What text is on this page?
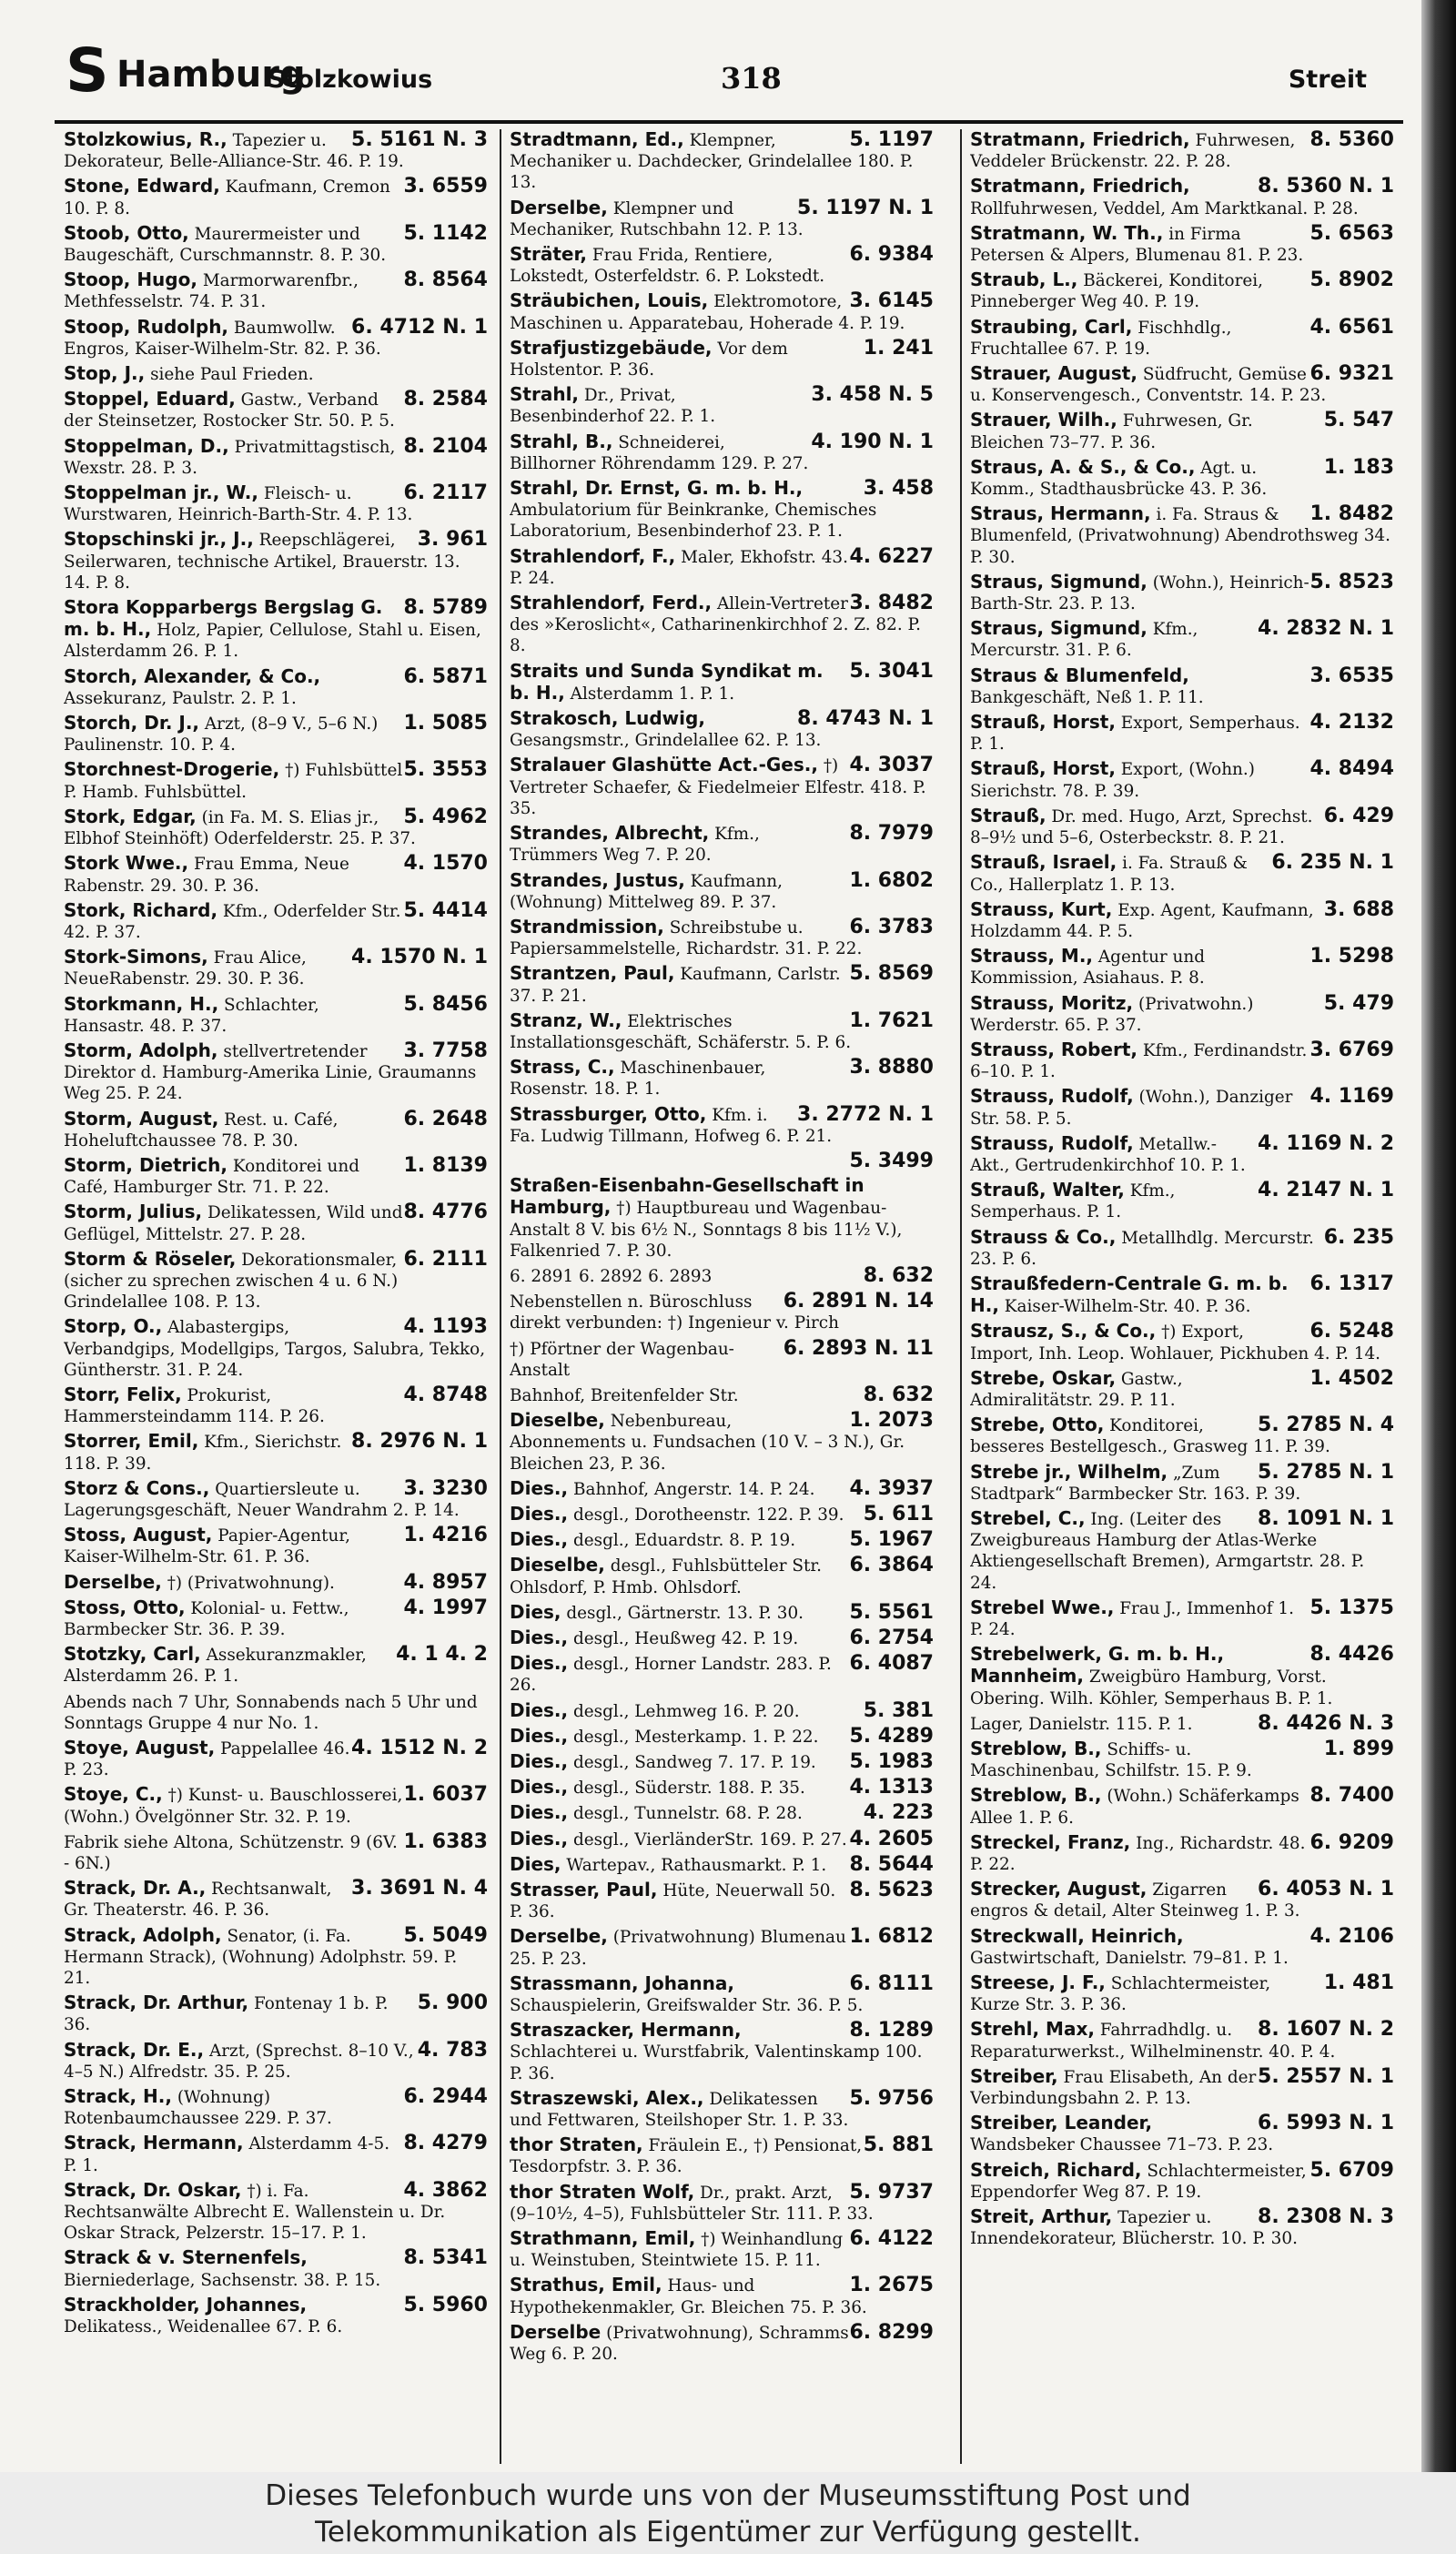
S Hamburg
Stolzkowius	318	Streit
5. 5161 N. 3
Stolzkowius, R., Tapezier u. Dekorateur, Belle-Alliance-Str. 46. P. 19.
3. 6559
Stone, Edward, Kaufmann, Cremon 10. P. 8.
5. 1142
Stoob, Otto, Maurermeister und Baugeschäft, Curschmannstr. 8. P. 30.
8. 8564
Stoop, Hugo, Marmorwarenfbr., Methfesselstr. 74. P. 31.
6. 4712 N. 1
Stoop, Rudolph, Baumwollw. Engros, Kaiser-Wilhelm-Str. 82. P. 36.
Stop, J., siehe Paul Frieden.
8. 2584
Stoppel, Eduard, Gastw., Verband der Steinsetzer, Rostocker Str. 50. P. 5.
8. 2104
Stoppelman, D., Privatmittagstisch, Wexstr. 28. P. 3.
6. 2117
Stoppelman jr., W., Fleisch- u. Wurstwaren, Heinrich-Barth-Str. 4. P. 13.
3. 961
Stopschinski jr., J., Reepschlägerei, Seilerwaren, technische Artikel, Brauerstr. 13. 14. P. 8.
8. 5789
Stora Kopparbergs Bergslag G. m. b. H., Holz, Papier, Cellulose, Stahl u. Eisen, Alsterdamm 26. P. 1.
6. 5871
Storch, Alexander, & Co., Assekuranz, Paulstr. 2. P. 1.
1. 5085
Storch, Dr. J., Arzt, (8–9 V., 5–6 N.) Paulinenstr. 10. P. 4.
5. 3553
Storchnest-Drogerie, †) Fuhlsbüttel P. Hamb. Fuhlsbüttel.
5. 4962
Stork, Edgar, (in Fa. M. S. Elias jr., Elbhof Steinhöft) Oderfelderstr. 25. P. 37.
4. 1570
Stork Wwe., Frau Emma, Neue Rabenstr. 29. 30. P. 36.
5. 4414
Stork, Richard, Kfm., Oderfelder Str. 42. P. 37.
4. 1570 N. 1
Stork-Simons, Frau Alice, NeueRabenstr. 29. 30. P. 36.
5. 8456
Storkmann, H., Schlachter, Hansastr. 48. P. 37.
3. 7758
Storm, Adolph, stellvertretender Direktor d. Hamburg-Amerika Linie, Graumanns Weg 25. P. 24.
6. 2648
Storm, August, Rest. u. Café, Hoheluftchaussee 78. P. 30.
1. 8139
Storm, Dietrich, Konditorei und Café, Hamburger Str. 71. P. 22.
8. 4776
Storm, Julius, Delikatessen, Wild und Geflügel, Mittelstr. 27. P. 28.
6. 2111
Storm & Röseler, Dekorationsmaler, (sicher zu sprechen zwischen 4 u. 6 N.) Grindelallee 108. P. 13.
4. 1193
Storp, O., Alabastergips, Verbandgips, Modellgips, Targos, Salubra, Tekko, Güntherstr. 31. P. 24.
4. 8748
Storr, Felix, Prokurist, Hammersteindamm 114. P. 26.
8. 2976 N. 1
Storrer, Emil, Kfm., Sierichstr. 118. P. 39.
3. 3230
Storz & Cons., Quartiersleute u. Lagerungsgeschäft, Neuer Wandrahm 2. P. 14.
1. 4216
Stoss, August, Papier-Agentur, Kaiser-Wilhelm-Str. 61. P. 36.
4. 8957
Derselbe, †) (Privatwohnung).
4. 1997
Stoss, Otto, Kolonial- u. Fettw., Barmbecker Str. 36. P. 39.
4. 1 4. 2
Stotzky, Carl, Assekuranzmakler, Alsterdamm 26. P. 1.
Abends nach 7 Uhr, Sonnabends nach 5 Uhr und Sonntags Gruppe 4 nur No. 1.
4. 1512 N. 2
Stoye, August, Pappelallee 46. P. 23.
1. 6037
Stoye, C., †) Kunst- u. Bauschlosserei, (Wohn.) Övelgönner Str. 32. P. 19.
1. 6383
Fabrik siehe Altona, Schützenstr. 9 (6V. - 6N.)
3. 3691 N. 4
Strack, Dr. A., Rechtsanwalt, Gr. Theaterstr. 46. P. 36.
5. 5049
Strack, Adolph, Senator, (i. Fa. Hermann Strack), (Wohnung) Adolphstr. 59. P. 21.
5. 900
Strack, Dr. Arthur, Fontenay 1 b. P. 36.
4. 783
Strack, Dr. E., Arzt, (Sprechst. 8–10 V., 4–5 N.) Alfredstr. 35. P. 25.
6. 2944
Strack, H., (Wohnung) Rotenbaumchaussee 229. P. 37.
8. 4279
Strack, Hermann, Alsterdamm 4-5. P. 1.
4. 3862
Strack, Dr. Oskar, †) i. Fa. Rechtsanwälte Albrecht E. Wallenstein u. Dr. Oskar Strack, Pelzerstr. 15–17. P. 1.
8. 5341
Strack & v. Sternenfels, Bierniederlage, Sachsenstr. 38. P. 15.
5. 5960
Strackholder, Johannes, Delikatess., Weidenallee 67. P. 6.
5. 1197
Stradtmann, Ed., Klempner, Mechaniker u. Dachdecker, Grindelallee 180. P. 13.
5. 1197 N. 1
Derselbe, Klempner und Mechaniker, Rutschbahn 12. P. 13.
6. 9384
Sträter, Frau Frida, Rentiere, Lokstedt, Osterfeldstr. 6. P. Lokstedt.
3. 6145
Sträubichen, Louis, Elektromotore, Maschinen u. Apparatebau, Hoherade 4. P. 19.
1. 241
Strafjustizgebäude, Vor dem Holstentor. P. 36.
3. 458 N. 5
Strahl, Dr., Privat, Besenbinderhof 22. P. 1.
4. 190 N. 1
Strahl, B., Schneiderei, Billhorner Röhrendamm 129. P. 27.
3. 458
Strahl, Dr. Ernst, G. m. b. H., Ambulatorium für Beinkranke, Chemisches Laboratorium, Besenbinderhof 23. P. 1.
4. 6227
Strahlendorf, F., Maler, Ekhofstr. 43. P. 24.
3. 8482
Strahlendorf, Ferd., Allein-Vertreter des »Keroslicht«, Catharinenkirchhof 2. Z. 82. P. 8.
5. 3041
Straits und Sunda Syndikat m. b. H., Alsterdamm 1. P. 1.
8. 4743 N. 1
Strakosch, Ludwig, Gesangsmstr., Grindelallee 62. P. 13.
4. 3037
Stralauer Glashütte Act.-Ges., †) Vertreter Schaefer, & Fiedelmeier Elfestr. 418. P. 35.
8. 7979
Strandes, Albrecht, Kfm., Trümmers Weg 7. P. 20.
1. 6802
Strandes, Justus, Kaufmann, (Wohnung) Mittelweg 89. P. 37.
6. 3783
Strandmission, Schreibstube u. Papiersammelstelle, Richardstr. 31. P. 22.
5. 8569
Strantzen, Paul, Kaufmann, Carlstr. 37. P. 21.
1. 7621
Stranz, W., Elektrisches Installationsgeschäft, Schäferstr. 5. P. 6.
3. 8880
Strass, C., Maschinenbauer, Rosenstr. 18. P. 1.
3. 2772 N. 1
Strassburger, Otto, Kfm. i. Fa. Ludwig Tillmann, Hofweg 6. P. 21.
5. 3499
Straßen-Eisenbahn-Gesellschaft in Hamburg, †) Hauptbureau und Wagenbau-Anstalt 8 V. bis 6½ N., Sonntags 8 bis 11½ V.), Falkenried 7. P. 30.
8. 632
6. 2891 6. 2892 6. 2893
6. 2891 N. 14
Nebenstellen n. Büroschluss direkt verbunden: †) Ingenieur v. Pirch
6. 2893 N. 11
†) Pförtner der Wagenbau-Anstalt
8. 632
Bahnhof, Breitenfelder Str.
1. 2073
Dieselbe, Nebenbureau, Abonnements u. Fundsachen (10 V. – 3 N.), Gr. Bleichen 23, P. 36.
4. 3937
Dies., Bahnhof, Angerstr. 14. P. 24.
5. 611
Dies., desgl., Dorotheenstr. 122. P. 39.
5. 1967
Dies., desgl., Eduardstr. 8. P. 19.
6. 3864
Dieselbe, desgl., Fuhlsbütteler Str. Ohlsdorf, P. Hmb. Ohlsdorf.
5. 5561
Dies, desgl., Gärtnerstr. 13. P. 30.
6. 2754
Dies., desgl., Heußweg 42. P. 19.
6. 4087
Dies., desgl., Horner Landstr. 283. P. 26.
5. 381
Dies., desgl., Lehmweg 16. P. 20.
5. 4289
Dies., desgl., Mesterkamp. 1. P. 22.
5. 1983
Dies., desgl., Sandweg 7. 17. P. 19.
4. 1313
Dies., desgl., Süderstr. 188. P. 35.
4. 223
Dies., desgl., Tunnelstr. 68. P. 28.
4. 2605
Dies., desgl., VierländerStr. 169. P. 27.
8. 5644
Dies, Wartepav., Rathausmarkt. P. 1.
8. 5623
Strasser, Paul, Hüte, Neuerwall 50. P. 36.
1. 6812
Derselbe, (Privatwohnung) Blumenau 25. P. 23.
6. 8111
Strassmann, Johanna, Schauspielerin, Greifswalder Str. 36. P. 5.
8. 1289
Straszacker, Hermann, Schlachterei u. Wurstfabrik, Valentinskamp 100. P. 36.
5. 9756
Straszewski, Alex., Delikatessen und Fettwaren, Steilshoper Str. 1. P. 33.
5. 881
thor Straten, Fräulein E., †) Pensionat, Tesdorpfstr. 3. P. 36.
5. 9737
thor Straten Wolf, Dr., prakt. Arzt, (9–10½, 4–5), Fuhlsbütteler Str. 111. P. 33.
6. 4122
Strathmann, Emil, †) Weinhandlung u. Weinstuben, Steintwiete 15. P. 11.
1. 2675
Strathus, Emil, Haus- und Hypothekenmakler, Gr. Bleichen 75. P. 36.
6. 8299
Derselbe (Privatwohnung), Schramms Weg 6. P. 20.
8. 5360
Stratmann, Friedrich, Fuhrwesen, Veddeler Brückenstr. 22. P. 28.
8. 5360 N. 1
Stratmann, Friedrich, Rollfuhrwesen, Veddel, Am Marktkanal. P. 28.
5. 6563
Stratmann, W. Th., in Firma Petersen & Alpers, Blumenau 81. P. 23.
5. 8902
Straub, L., Bäckerei, Konditorei, Pinneberger Weg 40. P. 19.
4. 6561
Straubing, Carl, Fischhdlg., Fruchtallee 67. P. 19.
6. 9321
Strauer, August, Südfrucht, Gemüse u. Konservengesch., Conventstr. 14. P. 23.
5. 547
Strauer, Wilh., Fuhrwesen, Gr. Bleichen 73–77. P. 36.
1. 183
Straus, A. & S., & Co., Agt. u. Komm., Stadthausbrücke 43. P. 36.
1. 8482
Straus, Hermann, i. Fa. Straus & Blumenfeld, (Privatwohnung) Abendrothsweg 34. P. 30.
5. 8523
Straus, Sigmund, (Wohn.), Heinrich-Barth-Str. 23. P. 13.
4. 2832 N. 1
Straus, Sigmund, Kfm., Mercurstr. 31. P. 6.
3. 6535
Straus & Blumenfeld, Bankgeschäft, Neß 1. P. 11.
4. 2132
Strauß, Horst, Export, Semperhaus. P. 1.
4. 8494
Strauß, Horst, Export, (Wohn.) Sierichstr. 78. P. 39.
6. 429
Strauß, Dr. med. Hugo, Arzt, Sprechst. 8–9½ und 5–6, Osterbeckstr. 8. P. 21.
6. 235 N. 1
Strauß, Israel, i. Fa. Strauß & Co., Hallerplatz 1. P. 13.
3. 688
Strauss, Kurt, Exp. Agent, Kaufmann, Holzdamm 44. P. 5.
1. 5298
Strauss, M., Agentur und Kommission, Asiahaus. P. 8.
5. 479
Strauss, Moritz, (Privatwohn.) Werderstr. 65. P. 37.
3. 6769
Strauss, Robert, Kfm., Ferdinandstr. 6–10. P. 1.
4. 1169
Strauss, Rudolf, (Wohn.), Danziger Str. 58. P. 5.
4. 1169 N. 2
Strauss, Rudolf, Metallw.- Akt., Gertrudenkirchhof 10. P. 1.
4. 2147 N. 1
Strauß, Walter, Kfm., Semperhaus. P. 1.
6. 235
Strauss & Co., Metallhdlg. Mercurstr. 23. P. 6.
6. 1317
Straußfedern-Centrale G. m. b. H., Kaiser-Wilhelm-Str. 40. P. 36.
6. 5248
Strausz, S., & Co., †) Export, Import, Inh. Leop. Wohlauer, Pickhuben 4. P. 14.
1. 4502
Strebe, Oskar, Gastw., Admiralitätstr. 29. P. 11.
5. 2785 N. 4
Strebe, Otto, Konditorei, besseres Bestellgesch., Grasweg 11. P. 39.
5. 2785 N. 1
Strebe jr., Wilhelm, „Zum Stadtpark“ Barmbecker Str. 163. P. 39.
8. 1091 N. 1
Strebel, C., Ing. (Leiter des Zweigbureaus Hamburg der Atlas-Werke Aktiengesellschaft Bremen), Armgartstr. 28. P. 24.
5. 1375
Strebel Wwe., Frau J., Immenhof 1. P. 24.
8. 4426
Strebelwerk, G. m. b. H., Mannheim, Zweigbüro Hamburg, Vorst. Obering. Wilh. Köhler, Semperhaus B. P. 1.
8. 4426 N. 3
Lager, Danielstr. 115. P. 1.
1. 899
Streblow, B., Schiffs- u. Maschinenbau, Schilfstr. 15. P. 9.
8. 7400
Streblow, B., (Wohn.) Schäferkamps Allee 1. P. 6.
6. 9209
Streckel, Franz, Ing., Richardstr. 48. P. 22.
6. 4053 N. 1
Strecker, August, Zigarren engros & detail, Alter Steinweg 1. P. 3.
4. 2106
Streckwall, Heinrich, Gastwirtschaft, Danielstr. 79–81. P. 1.
1. 481
Streese, J. F., Schlachtermeister, Kurze Str. 3. P. 36.
8. 1607 N. 2
Strehl, Max, Fahrradhdlg. u. Reparaturwerkst., Wilhelminenstr. 40. P. 4.
5. 2557 N. 1
Streiber, Frau Elisabeth, An der Verbindungsbahn 2. P. 13.
6. 5993 N. 1
Streiber, Leander, Wandsbeker Chaussee 71–73. P. 23.
5. 6709
Streich, Richard, Schlachtermeister, Eppendorfer Weg 87. P. 19.
8. 2308 N. 3
Streit, Arthur, Tapezier u. Innendekorateur, Blücherstr. 10. P. 30.
Dieses Telefonbuch wurde uns von der Museumsstiftung Post und
Telekommunikation als Eigentümer zur Verfügung gestellt.
